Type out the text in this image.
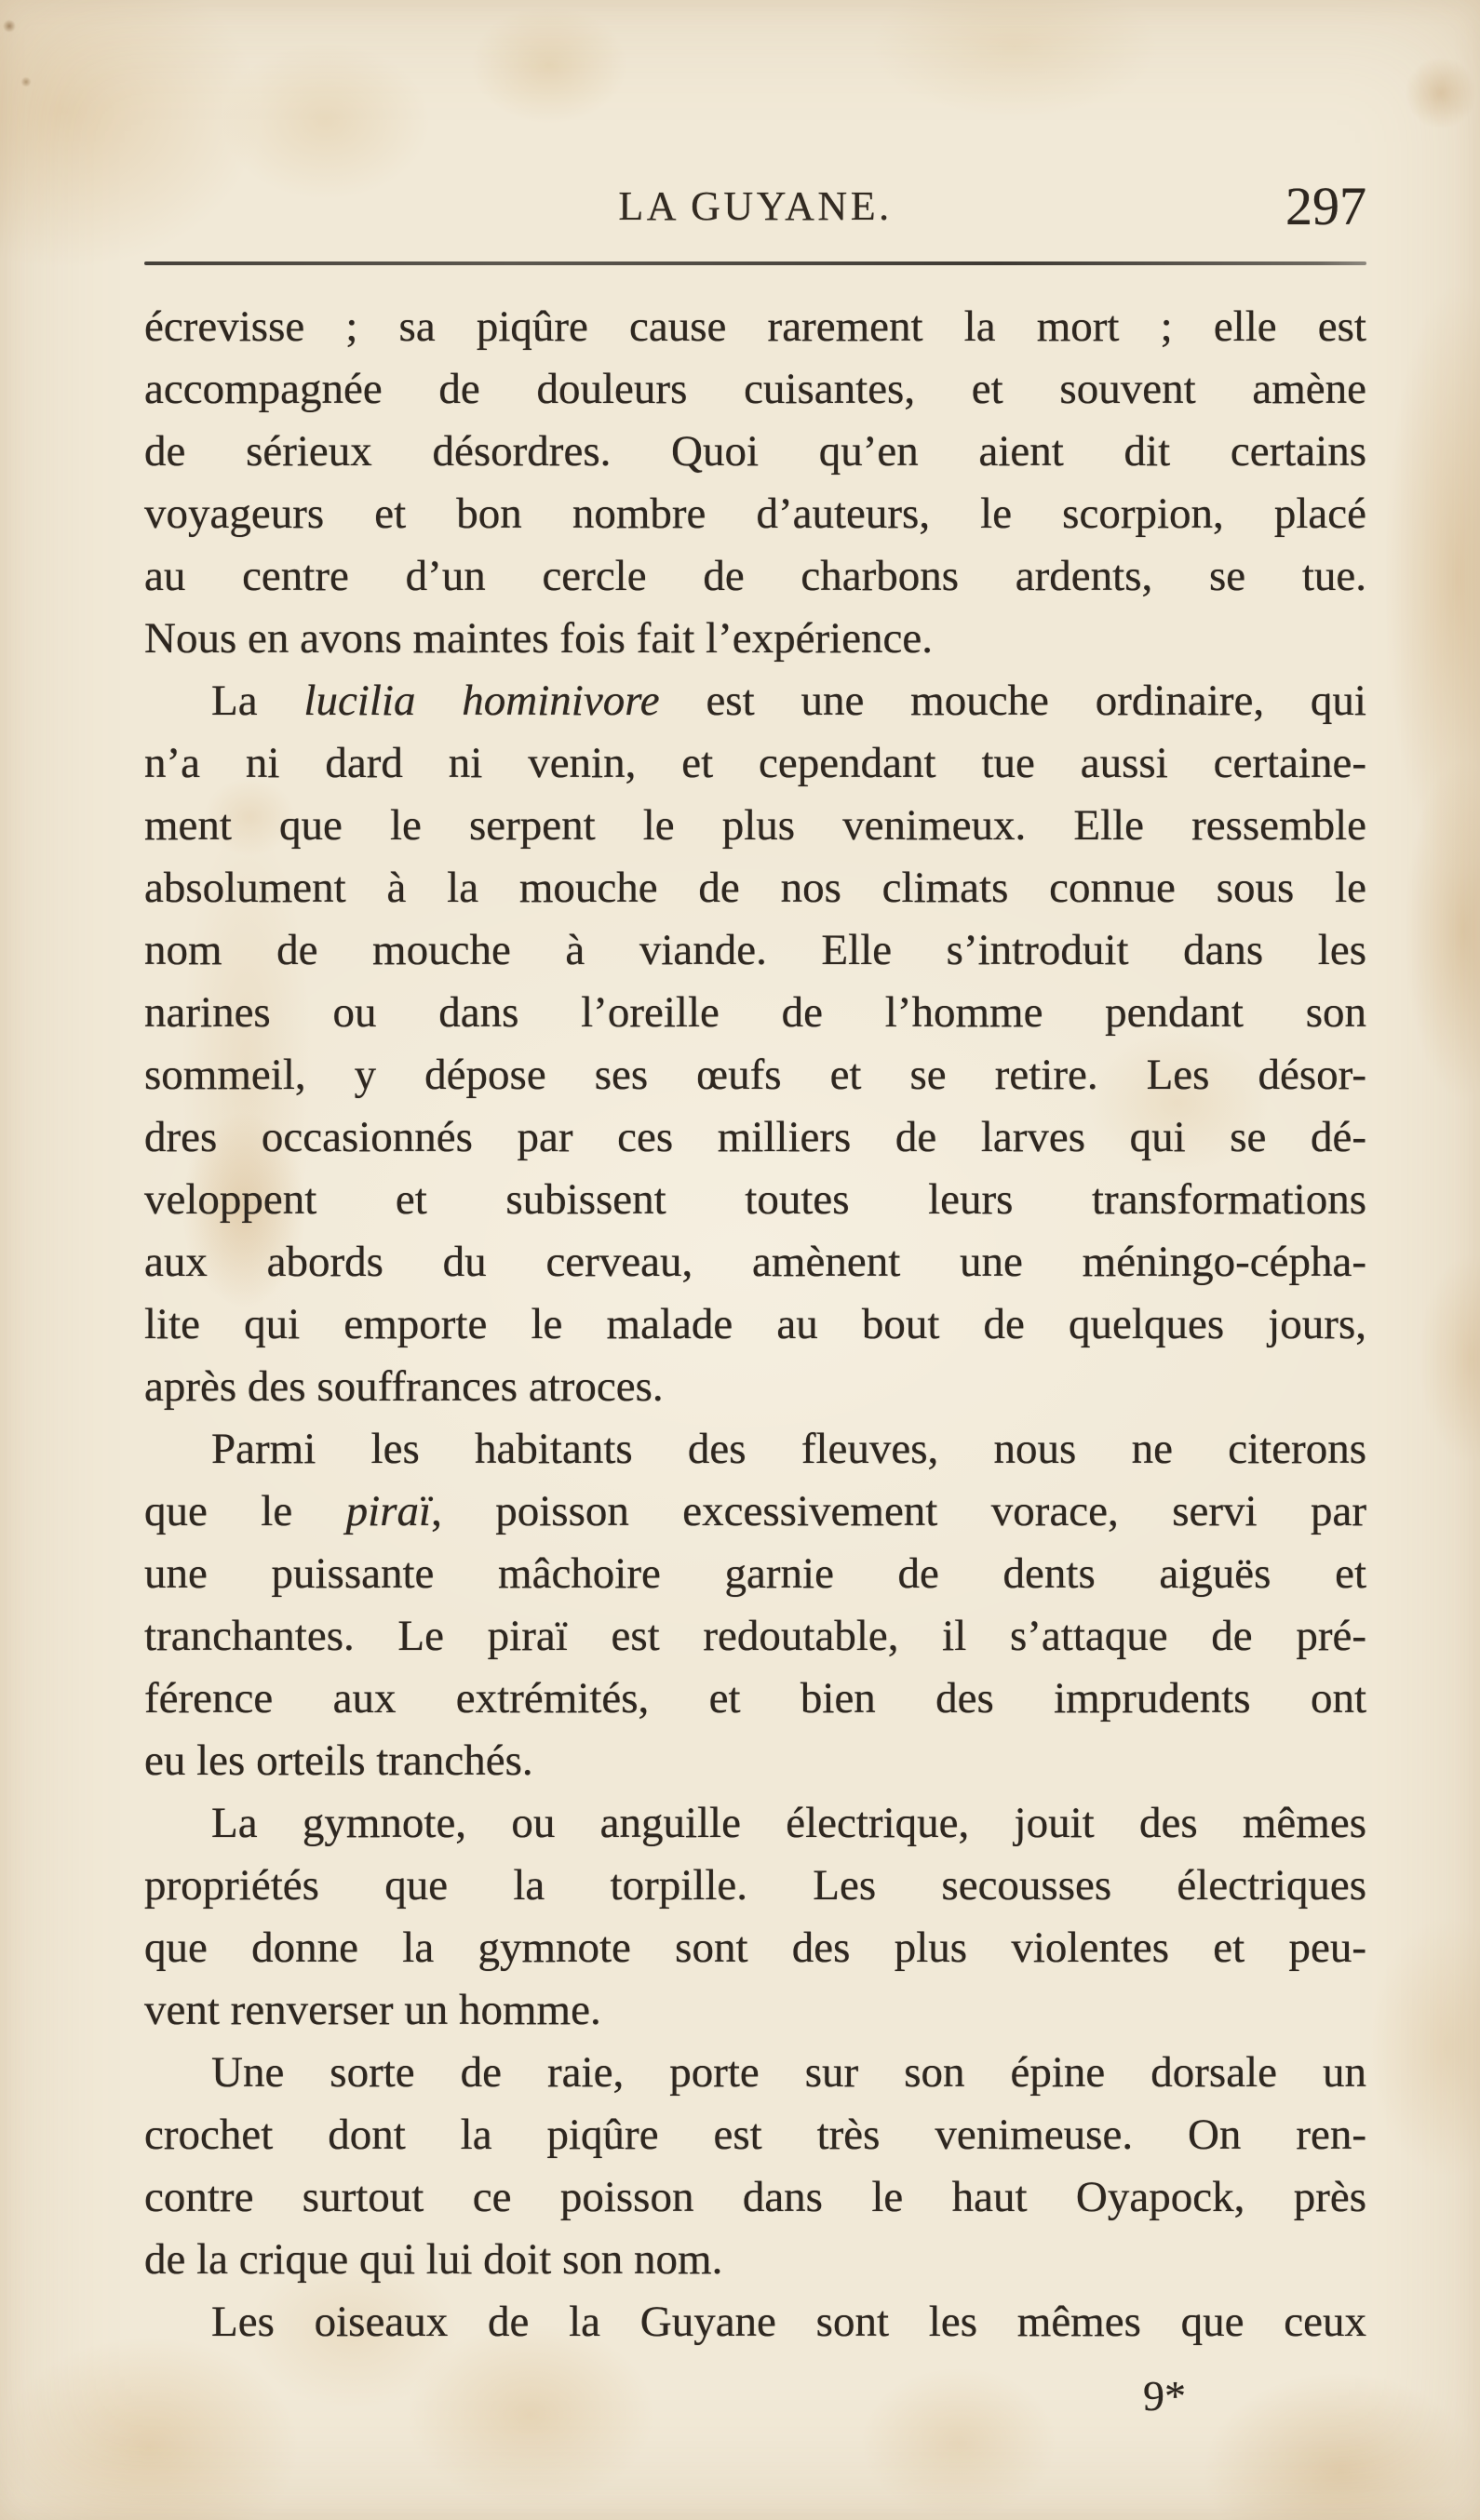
LA GUYANE.	297
écrevisse ; sa piqûre cause rarement la mort ; elle est
accompagnée de douleurs cuisantes, et souvent amène
de sérieux désordres. Quoi qu’en aient dit certains
voyageurs et bon nombre d’auteurs, le scorpion, placé
au centre d’un cercle de charbons ardents, se tue.
Nous en avons maintes fois fait l’expérience.
La lucilia hominivore est une mouche ordinaire, qui
n’a ni dard ni venin, et cependant tue aussi certaine-
ment que le serpent le plus venimeux. Elle ressemble
absolument à la mouche de nos climats connue sous le
nom de mouche à viande. Elle s’introduit dans les
narines ou dans l’oreille de l’homme pendant son
sommeil, y dépose ses œufs et se retire. Les désor-
dres occasionnés par ces milliers de larves qui se dé-
veloppent et subissent toutes leurs transformations
aux abords du cerveau, amènent une méningo-cépha-
lite qui emporte le malade au bout de quelques jours,
après des souffrances atroces.
Parmi les habitants des fleuves, nous ne citerons
que le piraï, poisson excessivement vorace, servi par
une puissante mâchoire garnie de dents aiguës et
tranchantes. Le piraï est redoutable, il s’attaque de pré-
férence aux extrémités, et bien des imprudents ont
eu les orteils tranchés.
La gymnote, ou anguille électrique, jouit des mêmes
propriétés que la torpille. Les secousses électriques
que donne la gymnote sont des plus violentes et peu-
vent renverser un homme.
Une sorte de raie, porte sur son épine dorsale un
crochet dont la piqûre est très venimeuse. On ren-
contre surtout ce poisson dans le haut Oyapock, près
de la crique qui lui doit son nom.
Les oiseaux de la Guyane sont les mêmes que ceux
9*
